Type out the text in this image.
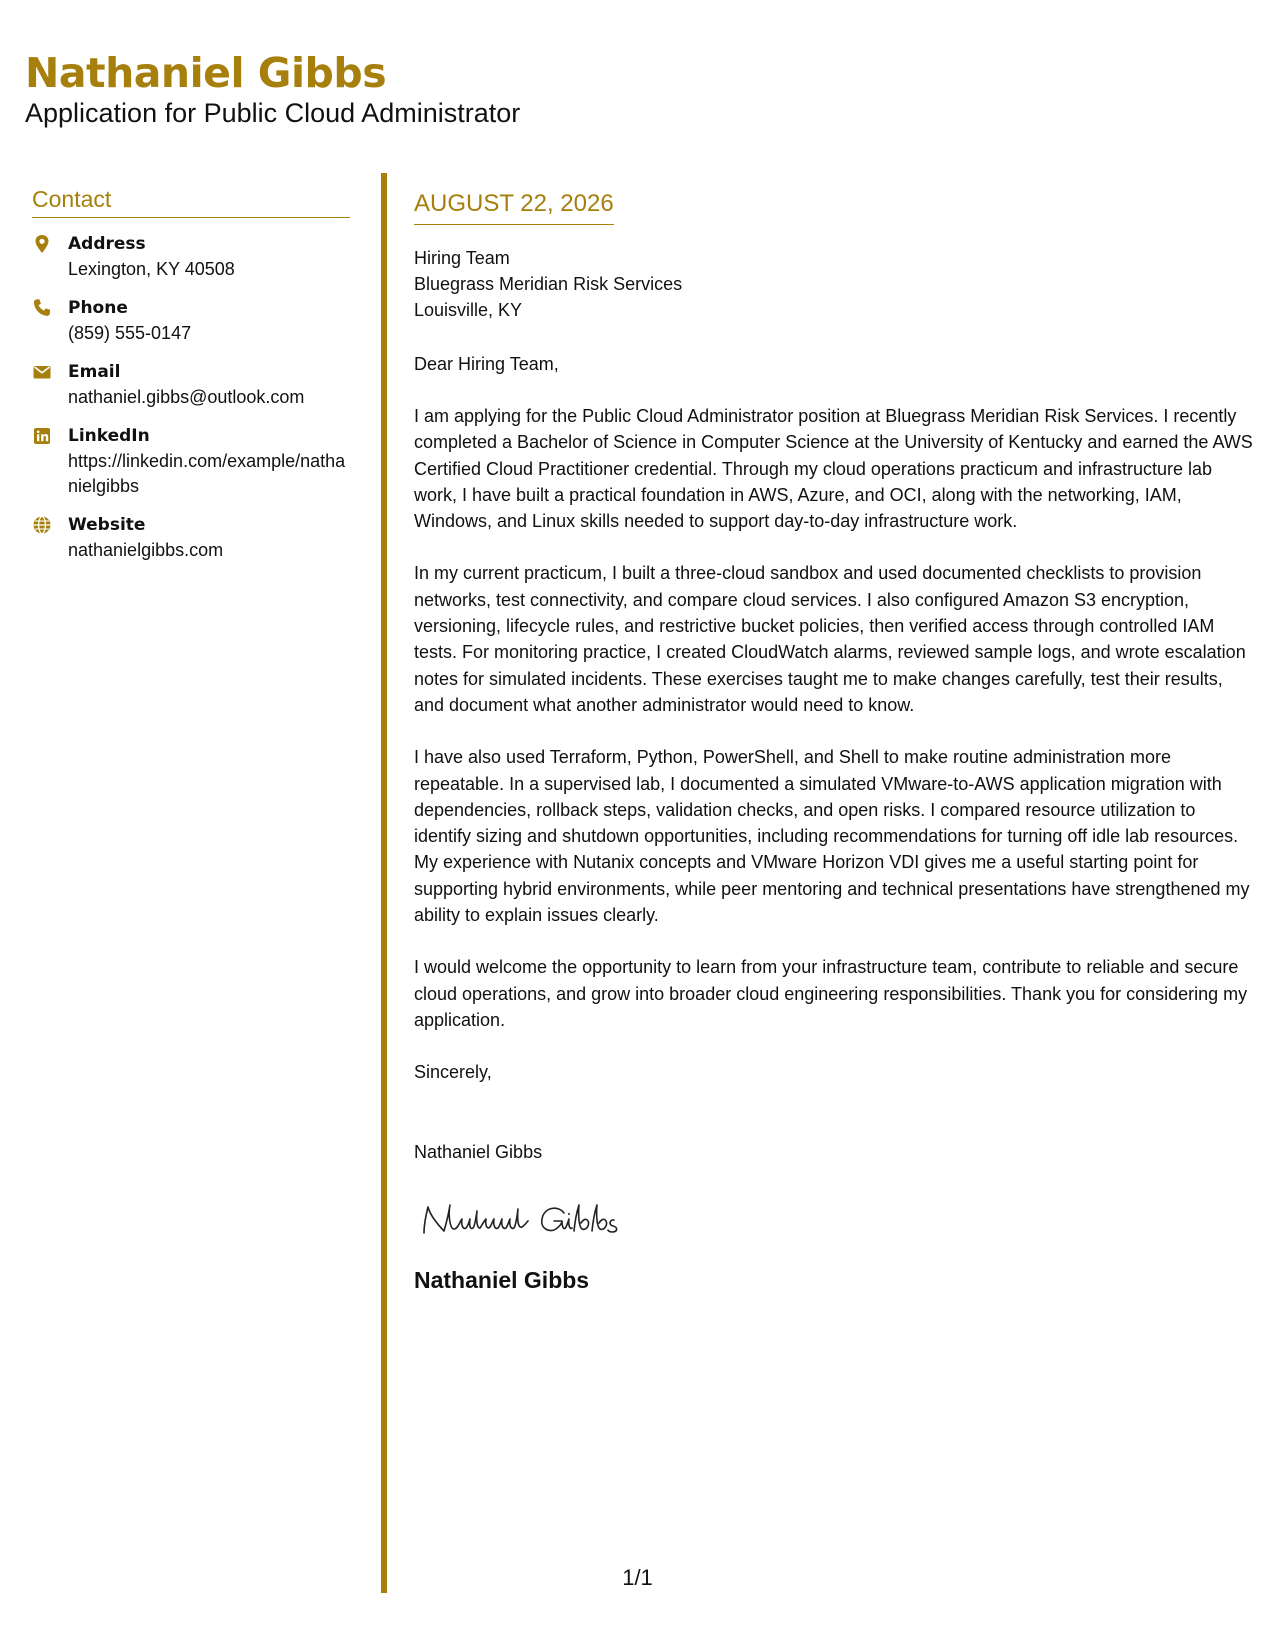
Nathaniel Gibbs
Application for Public Cloud Administrator
Contact
Address
Lexington, KY 40508
Phone
(859) 555-0147
Email
nathaniel.gibbs@outlook.com
LinkedIn
https://linkedin.com/example/nathanielgibbs
Website
nathanielgibbs.com
AUGUST 22, 2026
Hiring Team
Bluegrass Meridian Risk Services
Louisville, KY
Dear Hiring Team,
I am applying for the Public Cloud Administrator position at Bluegrass Meridian Risk Services. I recently completed a Bachelor of Science in Computer Science at the University of Kentucky and earned the AWS Certified Cloud Practitioner credential. Through my cloud operations practicum and infrastructure lab work, I have built a practical foundation in AWS, Azure, and OCI, along with the networking, IAM, Windows, and Linux skills needed to support day-to-day infrastructure work.
In my current practicum, I built a three-cloud sandbox and used documented checklists to provision networks, test connectivity, and compare cloud services. I also configured Amazon S3 encryption, versioning, lifecycle rules, and restrictive bucket policies, then verified access through controlled IAM tests. For monitoring practice, I created CloudWatch alarms, reviewed sample logs, and wrote escalation notes for simulated incidents. These exercises taught me to make changes carefully, test their results, and document what another administrator would need to know.
I have also used Terraform, Python, PowerShell, and Shell to make routine administration more repeatable. In a supervised lab, I documented a simulated VMware-to-AWS application migration with dependencies, rollback steps, validation checks, and open risks. I compared resource utilization to identify sizing and shutdown opportunities, including recommendations for turning off idle lab resources. My experience with Nutanix concepts and VMware Horizon VDI gives me a useful starting point for supporting hybrid environments, while peer mentoring and technical presentations have strengthened my ability to explain issues clearly.
I would welcome the opportunity to learn from your infrastructure team, contribute to reliable and secure cloud operations, and grow into broader cloud engineering responsibilities. Thank you for considering my application.
Sincerely,
Nathaniel Gibbs
Nathaniel Gibbs
1/1
